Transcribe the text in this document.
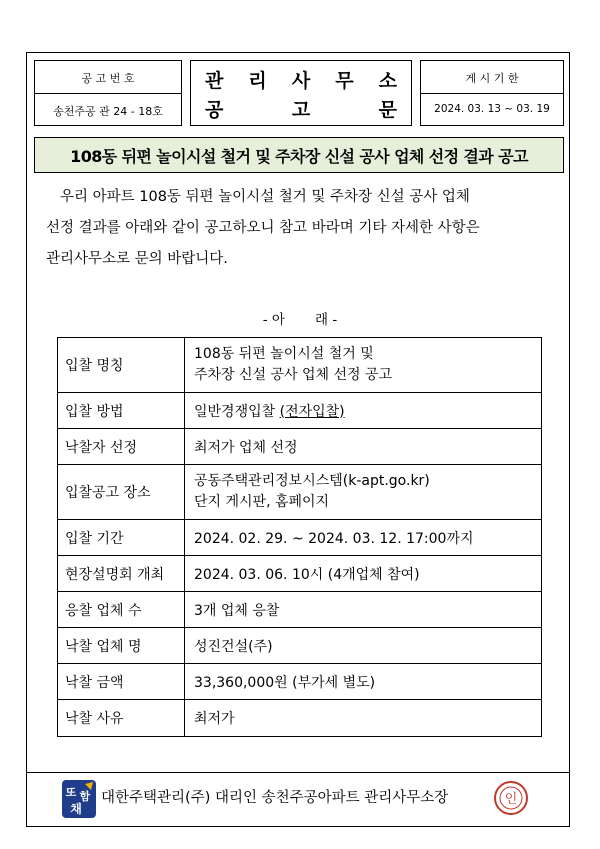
공 고 번 호
송천주공 관 24 - 18호
관 리 사 무 소
공	고	문
게 시 기 한
2024. 03. 13 ~ 03. 19
108동 뒤편 놀이시설 철거 및 주차장 신설 공사 업체 선정 결과 공고
우리 아파트 108동 뒤편 놀이시설 철거 및 주차장 신설 공사 업체
선정 결과를 아래와 같이 공고하오니 참고 바라며 기타 자세한 사항은
관리사무소로 문의 바랍니다.
- 아       래 -
입찰 명칭	108동 뒤편 놀이시설 철거 및
주차장 신설 공사 업체 선정 공고

입찰 방법	일반경쟁입찰 (전자입찰)
낙찰자 선정	최저가 업체 선정
입찰공고 장소	공동주택관리정보시스템(k-apt.go.kr)
단지 게시판, 홈페이지

입찰 기간	2024. 02. 29. ~ 2024. 03. 12. 17:00까지
현장설명회 개최	2024. 03. 06. 10시 (4개업체 참여)
응찰 업체 수	3개 업체 응찰
낙찰 업체 명	성진건설(주)
낙찰 금액	33,360,000원 (부가세 별도)
낙찰 사유	최저가
또 함
채
대한주택관리(주) 대리인 송천주공아파트 관리사무소장	인
